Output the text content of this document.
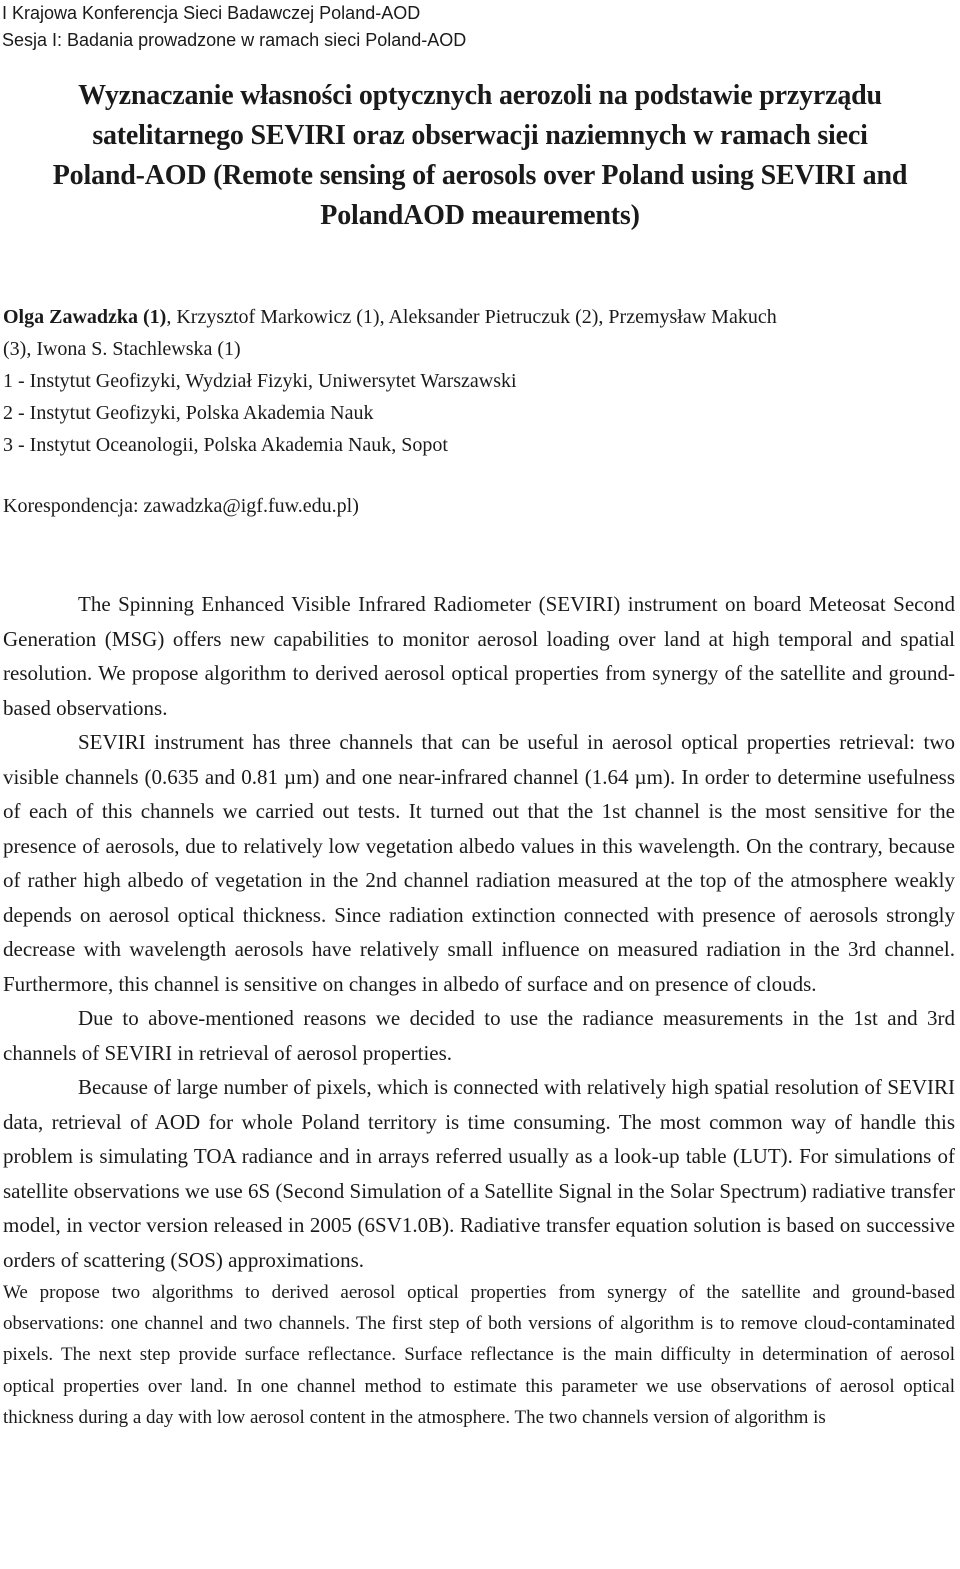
I Krajowa Konferencja Sieci Badawczej Poland-AOD
Sesja I: Badania prowadzone w ramach sieci Poland-AOD
Wyznaczanie własności optycznych aerozoli na podstawie przyrządu
satelitarnego SEVIRI oraz obserwacji naziemnych w ramach sieci
Poland-AOD (Remote sensing of aerosols over Poland using SEVIRI and
PolandAOD meaurements)
Olga Zawadzka (1), Krzysztof Markowicz (1), Aleksander Pietruczuk (2), Przemysław Makuch
(3), Iwona S. Stachlewska (1)
1 - Instytut Geofizyki, Wydział Fizyki, Uniwersytet Warszawski
2 - Instytut Geofizyki, Polska Akademia Nauk
3 - Instytut Oceanologii, Polska Akademia Nauk, Sopot
Korespondencja: zawadzka@igf.fuw.edu.pl)

The Spinning Enhanced Visible Infrared Radiometer (SEVIRI) instrument on board Meteosat Second Generation (MSG) offers new capabilities to monitor aerosol loading over land at high temporal and spatial resolution. We propose algorithm to derived aerosol optical properties from synergy of the satellite and ground-based observations.

SEVIRI instrument has three channels that can be useful in aerosol optical properties retrieval: two visible channels (0.635 and 0.81 µm) and one near-infrared channel (1.64 µm). In order to determine usefulness of each of this channels we carried out tests. It turned out that the 1st channel is the most sensitive for the presence of aerosols, due to relatively low vegetation albedo values in this wavelength. On the contrary, because of rather high albedo of vegetation in the 2nd channel radiation measured at the top of the atmosphere weakly depends on aerosol optical thickness. Since radiation extinction connected with presence of aerosols strongly decrease with wavelength aerosols have relatively small influence on measured radiation in the 3rd channel. Furthermore, this channel is sensitive on changes in albedo of surface and on presence of clouds.

Due to above-mentioned reasons we decided to use the radiance measurements in the 1st and 3rd channels of SEVIRI in retrieval of aerosol properties.

Because of large number of pixels, which is connected with relatively high spatial resolution of SEVIRI data, retrieval of AOD for whole Poland territory is time consuming. The most common way of handle this problem is simulating TOA radiance and in arrays referred usually as a look-up table (LUT). For simulations of satellite observations we use 6S (Second Simulation of a Satellite Signal in the Solar Spectrum) radiative transfer model, in vector version released in 2005 (6SV1.0B). Radiative transfer equation solution is based on successive orders of scattering (SOS) approximations.

We propose two algorithms to derived aerosol optical properties from synergy of the satellite and ground-based observations: one channel and two channels. The first step of both versions of algorithm is to remove cloud-contaminated pixels. The next step provide surface reflectance. Surface reflectance is the main difficulty in determination of aerosol optical properties over land. In one channel method to estimate this parameter we use observations of aerosol optical thickness during a day with low aerosol content in the atmosphere. The two channels version of algorithm is
